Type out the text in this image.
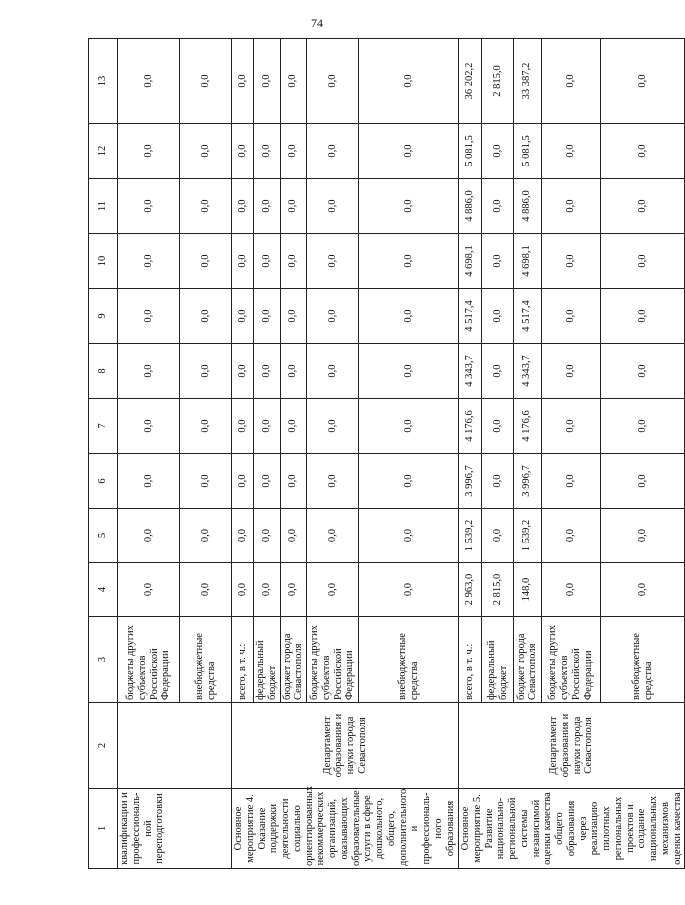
74
1	2	3	4	5	6	7	8	9	10	11	12	13
квалификации и профессиональ-ной переподготовки		бюджеты других субъектов Российской Федерации	0,0	0,0	0,0	0,0	0,0	0,0	0,0	0,0	0,0	0,0
		внебюджетные средства	0,0	0,0	0,0	0,0	0,0	0,0	0,0	0,0	0,0	0,0
Основное мероприятие 4. Оказание поддержки деятельности социально ориентированных некоммерческих организаций, оказывающих образовательные услуги в сфере дошкольного, общего, дополнительного и профессиональ-ного образования	Департамент образования и науки города Севастополя	всего, в т. ч.:	0,0	0,0	0,0	0,0	0,0	0,0	0,0	0,0	0,0	0,0
		федеральный бюджет	0,0	0,0	0,0	0,0	0,0	0,0	0,0	0,0	0,0	0,0
		бюджет города Севастополя	0,0	0,0	0,0	0,0	0,0	0,0	0,0	0,0	0,0	0,0
		бюджеты других субъектов Российской Федерации	0,0	0,0	0,0	0,0	0,0	0,0	0,0	0,0	0,0	0,0
		внебюджетные средства	0,0	0,0	0,0	0,0	0,0	0,0	0,0	0,0	0,0	0,0
Основное мероприятие 5. Развитие национально-региональной системы независимой оценки качества общего образования через реализацию пилотных региональных проектов и создание национальных механизмов оценки качества	Департамент образования и науки города Севастополя	всего, в т. ч.:	2 963,0	1 539,2	3 996,7	4 176,6	4 343,7	4 517,4	4 698,1	4 886,0	5 081,5	36 202,2
		федеральный бюджет	2 815,0	0,0	0,0	0,0	0,0	0,0	0,0	0,0	0,0	2 815,0
		бюджет города Севастополя	148,0	1 539,2	3 996,7	4 176,6	4 343,7	4 517,4	4 698,1	4 886,0	5 081,5	33 387,2
		бюджеты других субъектов Российской Федерации	0,0	0,0	0,0	0,0	0,0	0,0	0,0	0,0	0,0	0,0
		внебюджетные средства	0,0	0,0	0,0	0,0	0,0	0,0	0,0	0,0	0,0	0,0
